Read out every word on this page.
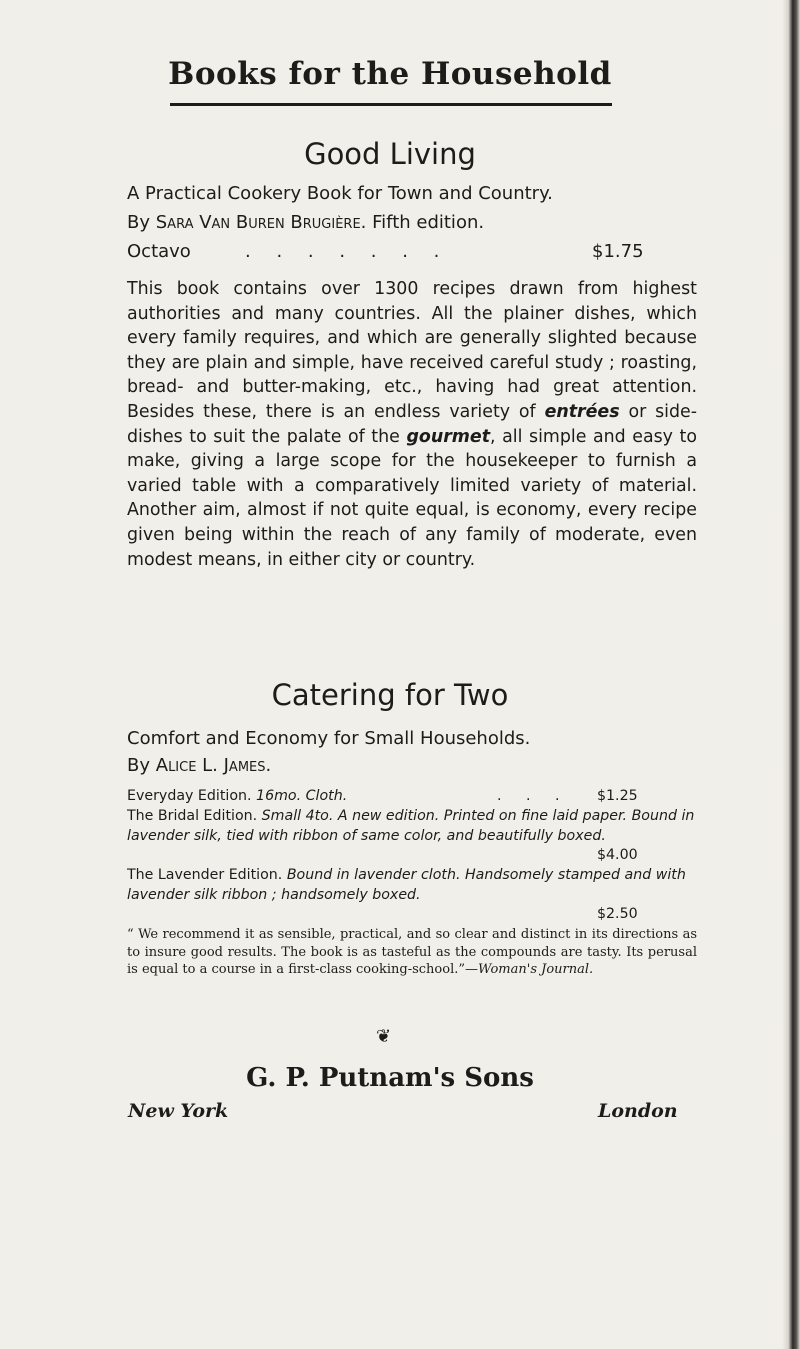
Books for the Household
Good Living
A Practical Cookery Book for Town and Country.
By Sara Van Buren Brugière. Fifth edition.
Octavo	. . . . . . .	$1.75
This book contains over 1300 recipes drawn from highest authorities and many countries. All the plainer dishes, which every family requires, and which are generally slighted because they are plain and simple, have received careful study ; roasting, bread- and butter-making, etc., having had great attention. Besides these, there is an endless variety of entrées or side-dishes to suit the palate of the gourmet, all simple and easy to make, giving a large scope for the housekeeper to furnish a varied table with a comparatively limited variety of material. Another aim, almost if not quite equal, is economy, every recipe given being within the reach of any family of moderate, even modest means, in either city or country.
Catering for Two
Comfort and Economy for Small Households.
By Alice L. James.
Everyday Edition. 16mo. Cloth.	. . . $1.25
The Bridal Edition. Small 4to. A new edition. Printed on fine laid paper. Bound in lavender silk, tied with ribbon of same color, and beautifully boxed.
$4.00
The Lavender Edition. Bound in lavender cloth. Handsomely stamped and with lavender silk ribbon ; handsomely boxed.
$2.50
“ We recommend it as sensible, practical, and so clear and distinct in its directions as to insure good results. The book is as tasteful as the compounds are tasty. Its perusal is equal to a course in a first-class cooking-school.”—Woman's Journal.
❦
G. P. Putnam's Sons
New York	London
